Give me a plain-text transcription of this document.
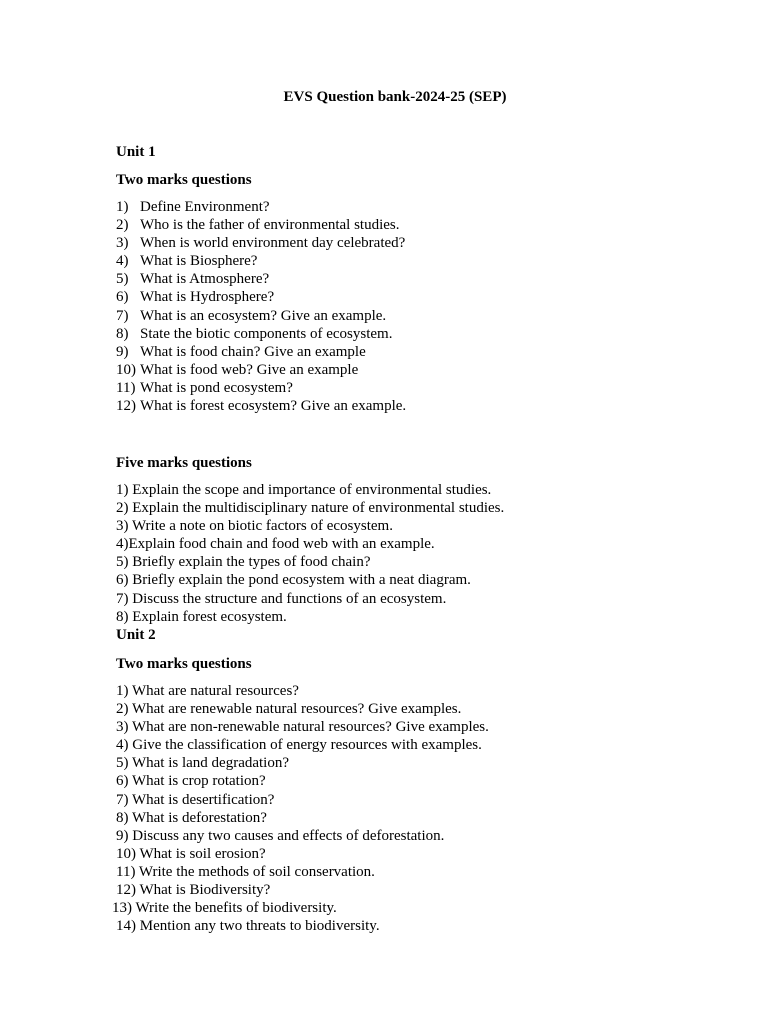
EVS Question bank-2024-25 (SEP)
Unit 1
Two marks questions
1) Define Environment?
2) Who is the father of environmental studies.
3) When is world environment day celebrated?
4) What is Biosphere?
5) What is Atmosphere?
6) What is Hydrosphere?
7) What is an ecosystem? Give an example.
8) State the biotic components of ecosystem.
9) What is food chain? Give an example
10) What is food web? Give an example
11) What is pond ecosystem?
12) What is forest ecosystem? Give an example.
Five marks questions
1) Explain the scope and importance of environmental studies.
2) Explain the multidisciplinary nature of environmental studies.
3) Write a note on biotic factors of ecosystem.
4)Explain food chain and food web with an example.
5) Briefly explain the types of food chain?
6) Briefly explain the pond ecosystem with a neat diagram.
7) Discuss the structure and functions of an ecosystem.
8) Explain forest ecosystem.
Unit 2
Two marks questions
1) What are natural resources?
2) What are renewable natural resources? Give examples.
3) What are non-renewable natural resources? Give examples.
4) Give the classification of energy resources with examples.
5) What is land degradation?
6) What is crop rotation?
7) What is desertification?
8) What is deforestation?
9) Discuss any two causes and effects of deforestation.
10) What is soil erosion?
11) Write the methods of soil conservation.
12) What is Biodiversity?
13) Write the benefits of biodiversity.
14) Mention any two threats to biodiversity.
